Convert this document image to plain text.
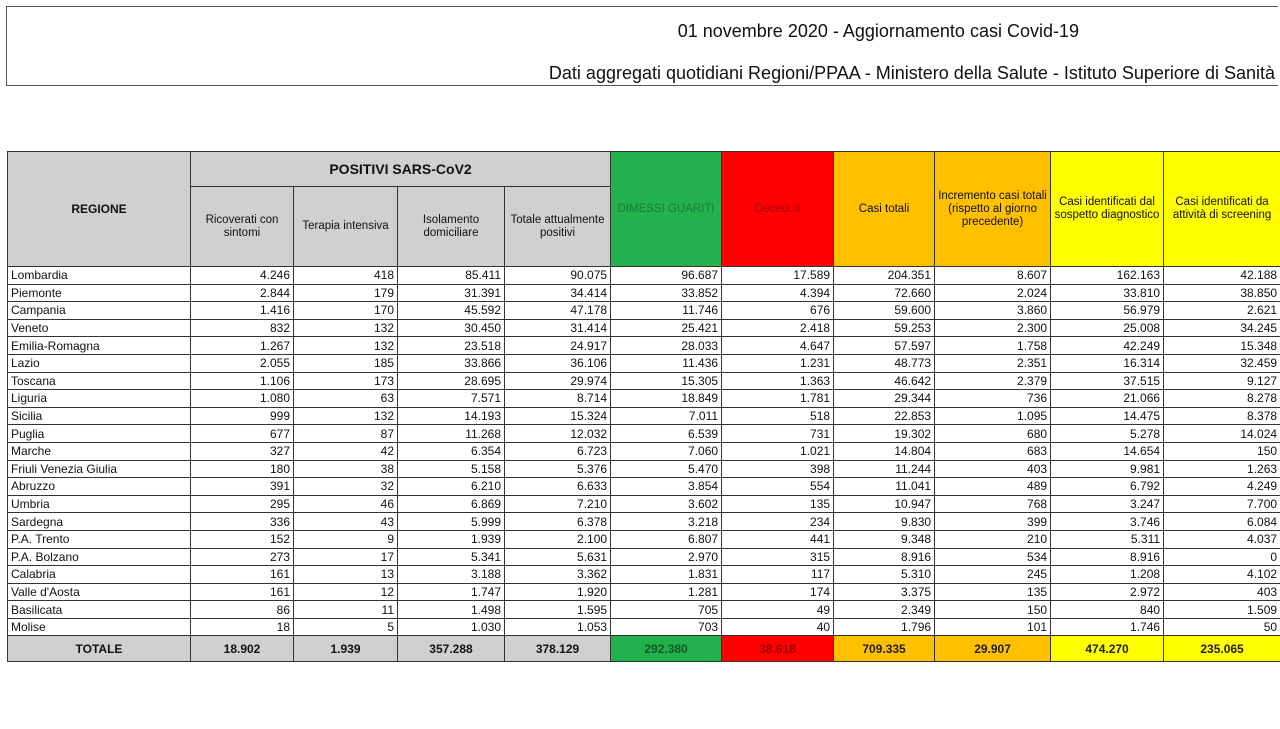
01 novembre 2020 - Aggiornamento casi Covid-19
Dati aggregati quotidiani Regioni/PPAA - Ministero della Salute - Istituto Superiore di Sanità
REGIONE	POSITIVI SARS-CoV2				DIMESSI GUARITI	Deceduti	Casi totali	Incremento casi totali (rispetto al giorno precedente)	Casi identificati dal sospetto diagnostico	Casi identificati da attività di screening
	Ricoverati con sintomi	Terapia intensiva	Isolamento domiciliare	Totale attualmente positivi						
Lombardia	4.246	418	85.411	90.075	96.687	17.589	204.351	8.607	162.163	42.188
Piemonte	2.844	179	31.391	34.414	33.852	4.394	72.660	2.024	33.810	38.850
Campania	1.416	170	45.592	47.178	11.746	676	59.600	3.860	56.979	2.621
Veneto	832	132	30.450	31.414	25.421	2.418	59.253	2.300	25.008	34.245
Emilia-Romagna	1.267	132	23.518	24.917	28.033	4.647	57.597	1.758	42.249	15.348
Lazio	2.055	185	33.866	36.106	11.436	1.231	48.773	2.351	16.314	32.459
Toscana	1.106	173	28.695	29.974	15.305	1.363	46.642	2.379	37.515	9.127
Liguria	1.080	63	7.571	8.714	18.849	1.781	29.344	736	21.066	8.278
Sicilia	999	132	14.193	15.324	7.011	518	22.853	1.095	14.475	8.378
Puglia	677	87	11.268	12.032	6.539	731	19.302	680	5.278	14.024
Marche	327	42	6.354	6.723	7.060	1.021	14.804	683	14.654	150
Friuli Venezia Giulia	180	38	5.158	5.376	5.470	398	11.244	403	9.981	1.263
Abruzzo	391	32	6.210	6.633	3.854	554	11.041	489	6.792	4.249
Umbria	295	46	6.869	7.210	3.602	135	10.947	768	3.247	7.700
Sardegna	336	43	5.999	6.378	3.218	234	9.830	399	3.746	6.084
P.A. Trento	152	9	1.939	2.100	6.807	441	9.348	210	5.311	4.037
P.A. Bolzano	273	17	5.341	5.631	2.970	315	8.916	534	8.916	0
Calabria	161	13	3.188	3.362	1.831	117	5.310	245	1.208	4.102
Valle d'Aosta	161	12	1.747	1.920	1.281	174	3.375	135	2.972	403
Basilicata	86	11	1.498	1.595	705	49	2.349	150	840	1.509
Molise	18	5	1.030	1.053	703	40	1.796	101	1.746	50
TOTALE	18.902	1.939	357.288	378.129	292.380	38.618	709.335	29.907	474.270	235.065
